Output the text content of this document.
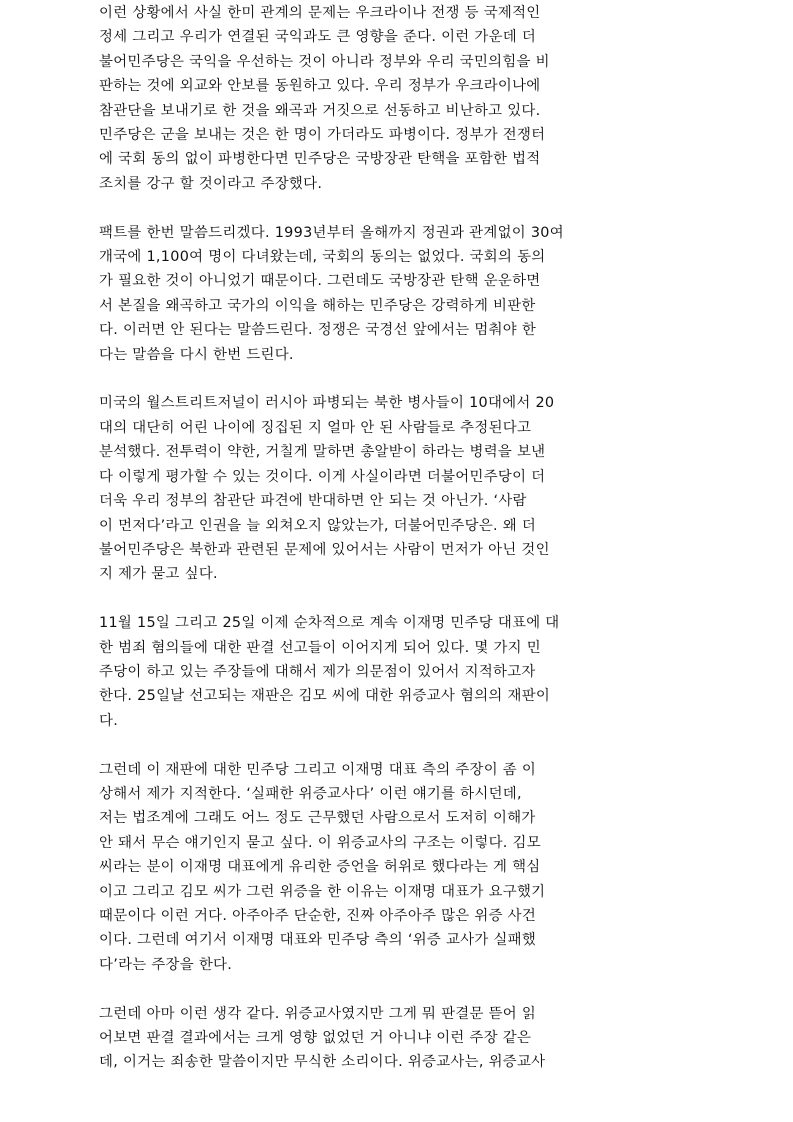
이런 상황에서 사실 한미 관계의 문제는 우크라이나 전쟁 등 국제적인
정세 그리고 우리가 연결된 국익과도 큰 영향을 준다. 이런 가운데 더
불어민주당은 국익을 우선하는 것이 아니라 정부와 우리 국민의힘을 비
판하는 것에 외교와 안보를 동원하고 있다. 우리 정부가 우크라이나에
참관단을 보내기로 한 것을 왜곡과 거짓으로 선동하고 비난하고 있다.
민주당은 군을 보내는 것은 한 명이 가더라도 파병이다. 정부가 전쟁터
에 국회 동의 없이 파병한다면 민주당은 국방장관 탄핵을 포함한 법적
조치를 강구 할 것이라고 주장했다.
팩트를 한번 말씀드리겠다. 1993년부터 올해까지 정권과 관계없이 30여
개국에 1,100여 명이 다녀왔는데, 국회의 동의는 없었다. 국회의 동의
가 필요한 것이 아니었기 때문이다. 그런데도 국방장관 탄핵 운운하면
서 본질을 왜곡하고 국가의 이익을 해하는 민주당은 강력하게 비판한
다. 이러면 안 된다는 말씀드린다. 정쟁은 국경선 앞에서는 멈춰야 한
다는 말씀을 다시 한번 드린다.
미국의 월스트리트저널이 러시아 파병되는 북한 병사들이 10대에서 20
대의 대단히 어린 나이에 징집된 지 얼마 안 된 사람들로 추정된다고
분석했다. 전투력이 약한, 거칠게 말하면 총알받이 하라는 병력을 보낸
다 이렇게 평가할 수 있는 것이다. 이게 사실이라면 더불어민주당이 더
더욱 우리 정부의 참관단 파견에 반대하면 안 되는 것 아닌가. ‘사람
이 먼저다’라고 인권을 늘 외쳐오지 않았는가, 더불어민주당은. 왜 더
불어민주당은 북한과 관련된 문제에 있어서는 사람이 먼저가 아닌 것인
지 제가 묻고 싶다.
11월 15일 그리고 25일 이제 순차적으로 계속 이재명 민주당 대표에 대
한 범죄 혐의들에 대한 판결 선고들이 이어지게 되어 있다. 몇 가지 민
주당이 하고 있는 주장들에 대해서 제가 의문점이 있어서 지적하고자
한다. 25일날 선고되는 재판은 김모 씨에 대한 위증교사 혐의의 재판이
다.
그런데 이 재판에 대한 민주당 그리고 이재명 대표 측의 주장이 좀 이
상해서 제가 지적한다. ‘실패한 위증교사다’ 이런 얘기를 하시던데,
저는 법조계에 그래도 어느 정도 근무했던 사람으로서 도저히 이해가
안 돼서 무슨 얘기인지 묻고 싶다. 이 위증교사의 구조는 이렇다. 김모
씨라는 분이 이재명 대표에게 유리한 증언을 허위로 했다라는 게 핵심
이고 그리고 김모 씨가 그런 위증을 한 이유는 이재명 대표가 요구했기
때문이다 이런 거다. 아주아주 단순한, 진짜 아주아주 많은 위증 사건
이다. 그런데 여기서 이재명 대표와 민주당 측의 ‘위증 교사가 실패했
다’라는 주장을 한다.
그런데 아마 이런 생각 같다. 위증교사였지만 그게 뭐 판결문 뜯어 읽
어보면 판결 결과에서는 크게 영향 없었던 거 아니냐 이런 주장 같은
데, 이거는 죄송한 말씀이지만 무식한 소리이다. 위증교사는, 위증교사
